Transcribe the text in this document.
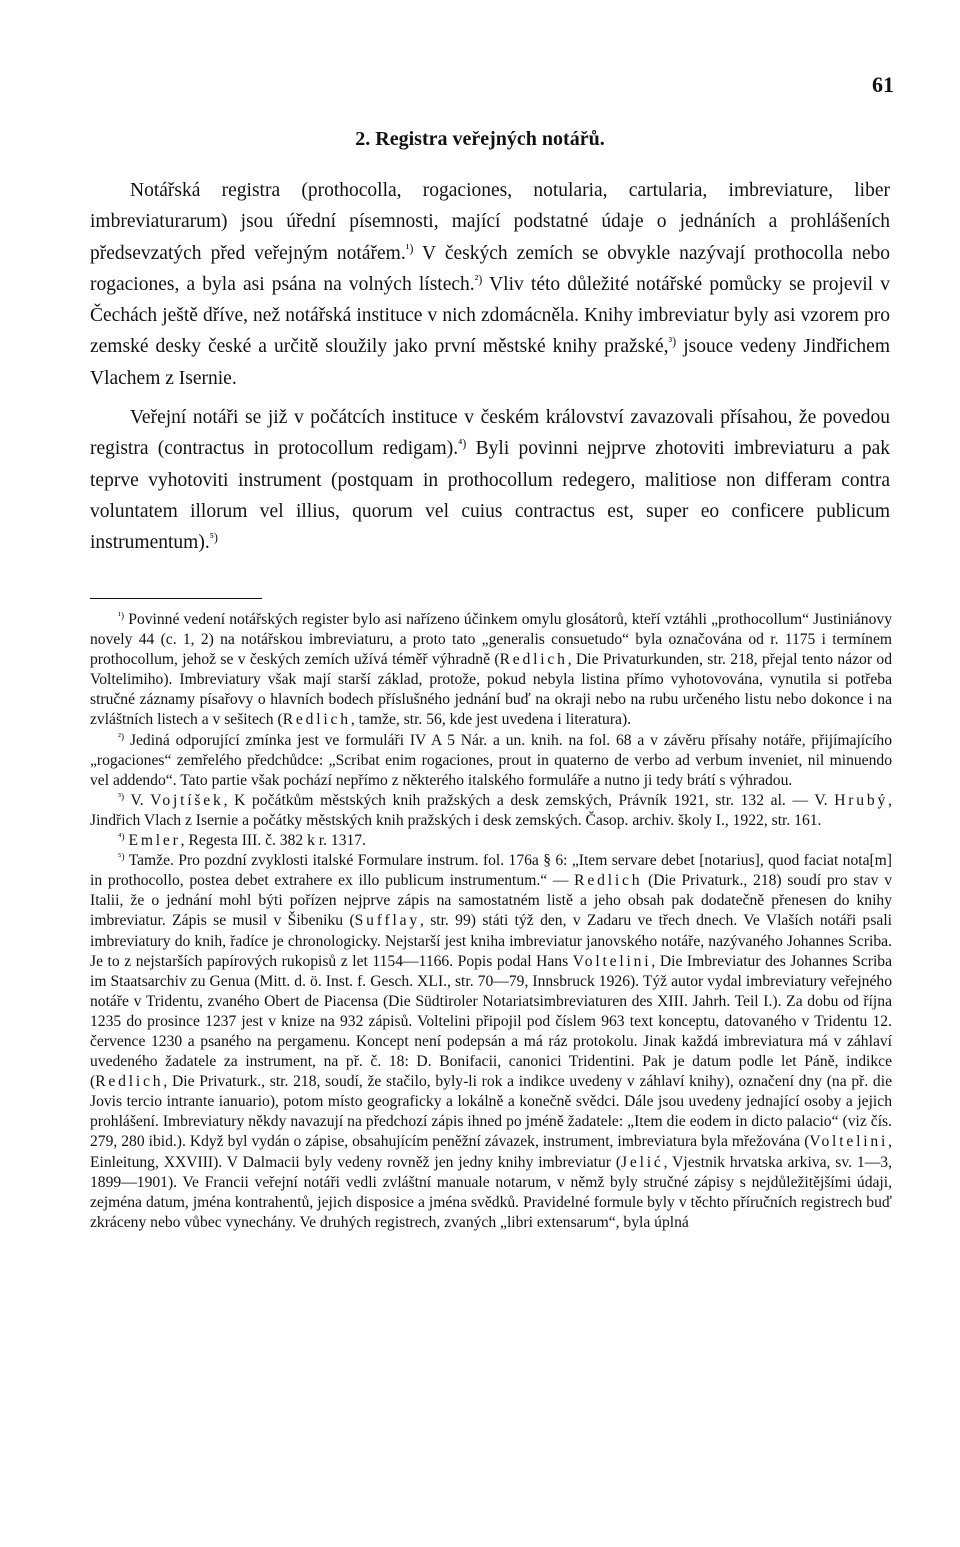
61
2. Registra veřejných notářů.

Notářská registra (prothocolla, rogaciones, notularia, cartularia, imbreviature, liber imbreviaturarum) jsou úřední písemnosti, mající podstatné údaje o jednáních a prohlášeních předsevzatých před veřejným notářem.$^{^1)}$ V českých zemích se obvykle nazývají prothocolla nebo rogaciones, a byla asi psána na volných lístech.$^{^2)}$ Vliv této důležité notářské pomůcky se projevil v Čechách ještě dříve, než notářská instituce v nich zdomácněla. Knihy imbreviatur byly asi vzorem pro zemské desky české a určitě sloužily jako první městské knihy pražské,$^{^3)}$ jsouce vedeny Jindřichem Vlachem z Isernie.

Veřejní notáři se již v počátcích instituce v českém království zavazovali přísahou, že povedou registra (contractus in protocollum redigam).$^{^4)}$ Byli povinni nejprve zhotoviti imbreviaturu a pak teprve vyhotoviti instrument (postquam in prothocollum redegero, malitiose non differam contra voluntatem illorum vel illius, quorum vel cuius contractus est, super eo conficere publicum instrumentum).$^{^5)}$

$^{^1)}$ Povinné vedení notářských register bylo asi nařízeno účinkem omylu glosátorů, kteří vztáhli „prothocollum“ Justiniánovy novely 44 (c. 1, 2) na notářskou imbreviaturu, a proto tato „generalis consuetudo“ byla označována od r. 1175 i termínem prothocollum, jehož se v českých zemích užívá téměř výhradně (Redlich, Die Privaturkunden, str. 218, přejal tento názor od Voltelimiho). Imbreviatury však mají starší základ, protože, pokud nebyla listina přímo vyhotovována, vynutila si potřeba stručné záznamy písařovy o hlavních bodech příslušného jednání buď na okraji nebo na rubu určeného listu nebo dokonce i na zvláštních listech a v sešitech (Redlich, tamže, str. 56, kde jest uvedena i literatura).

$^{^2)}$ Jediná odporující zmínka jest ve formuláři IV A 5 Nár. a un. knih. na fol. 68 a v závěru přísahy notáře, přijímajícího „rogaciones“ zemřelého předchůdce: „Scribat enim rogaciones, prout in quaterno de verbo ad verbum inveniet, nil minuendo vel addendo“. Tato partie však pochází nepřímo z některého italského formuláře a nutno ji tedy brátí s výhradou.

$^{^3)}$ V. Vojtíšek, K počátkům městských knih pražských a desk zemských, Právník 1921, str. 132 al. — V. Hrubý, Jindřich Vlach z Isernie a počátky městských knih pražských i desk zemských. Časop. archiv. školy I., 1922, str. 161.

$^{^4)}$ Emler, Regesta III. č. 382 k r. 1317.

$^{^5)}$ Tamže. Pro pozdní zvyklosti italské Formulare instrum. fol. 176a § 6: „Item servare debet [notarius], quod faciat nota[m] in prothocollo, postea debet extrahere ex illo publicum instrumentum.“ — Redlich (Die Privaturk., 218) soudí pro stav v Italii, že o jednání mohl býti pořízen nejprve zápis na samostatném listě a jeho obsah pak dodatečně přenesen do knihy imbreviatur. Zápis se musil v Šibeniku (Sufflay, str. 99) státi týž den, v Zadaru ve třech dnech. Ve Vlaších notáři psali imbreviatury do knih, řadíce je chronologicky. Nejstarší jest kniha imbreviatur janovského notáře, nazývaného Johannes Scriba. Je to z nejstarších papírových rukopisů z let 1154—1166. Popis podal Hans Voltelini, Die Imbreviatur des Johannes Scriba im Staatsarchiv zu Genua (Mitt. d. ö. Inst. f. Gesch. XLI., str. 70—79, Innsbruck 1926). Týž autor vydal imbreviatury veřejného notáře v Tridentu, zvaného Obert de Piacensa (Die Südtiroler Notariatsimbreviaturen des XIII. Jahrh. Teil I.). Za dobu od října 1235 do prosince 1237 jest v knize na 932 zápisů. Voltelini připojil pod číslem 963 text konceptu, datovaného v Tridentu 12. července 1230 a psaného na pergamenu. Koncept není podepsán a má ráz protokolu. Jinak každá imbreviatura má v záhlaví uvedeného žadatele za instrument, na př. č. 18: D. Bonifacii, canonici Tridentini. Pak je datum podle let Páně, indikce (Redlich, Die Privaturk., str. 218, soudí, že stačilo, byly-li rok a indikce uvedeny v záhlaví knihy), označení dny (na př. die Jovis tercio intrante ianuario), potom místo geograficky a lokálně a konečně svědci. Dále jsou uvedeny jednající osoby a jejich prohlášení. Imbreviatury někdy navazují na předchozí zápis ihned po jméně žadatele: „Item die eodem in dicto palacio“ (viz čís. 279, 280 ibid.). Když byl vydán o zápise, obsahujícím peněžní závazek, instrument, imbreviatura byla mřežována (Voltelini, Einleitung, XXVIII). V Dalmacii byly vedeny rovněž jen jedny knihy imbreviatur (Jelić, Vjestnik hrvatska arkiva, sv. 1—3, 1899—1901). Ve Francii veřejní notáři vedli zvláštní manuale notarum, v němž byly stručné zápisy s nejdůležitějšími údaji, zejména datum, jména kontrahentů, jejich disposice a jména svědků. Pravidelné formule byly v těchto příručních registrech buď zkráceny nebo vůbec vynechány. Ve druhých registrech, zvaných „libri extensarum“, byla úplná
